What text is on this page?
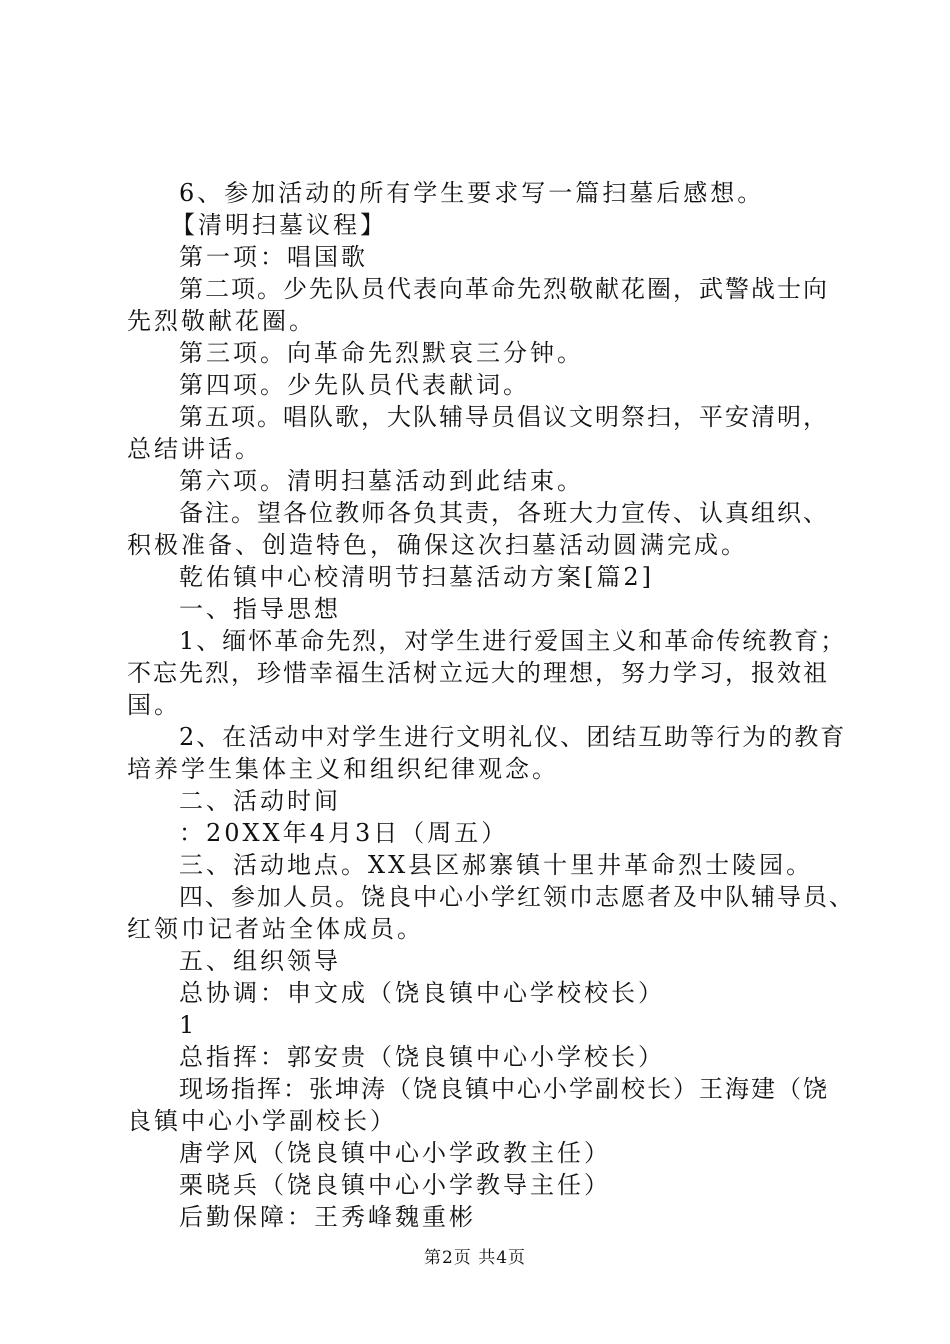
6、参加活动的所有学生要求写一篇扫墓后感想。
【清明扫墓议程】
第一项：唱国歌
第二项。少先队员代表向革命先烈敬献花圈，武警战士向
先烈敬献花圈。
第三项。向革命先烈默哀三分钟。
第四项。少先队员代表献词。
第五项。唱队歌，大队辅导员倡议文明祭扫，平安清明，
总结讲话。
第六项。清明扫墓活动到此结束。
备注。望各位教师各负其责，各班大力宣传、认真组织、
积极准备、创造特色，确保这次扫墓活动圆满完成。
乾佑镇中心校清明节扫墓活动方案[篇2]
一、指导思想
1、缅怀革命先烈，对学生进行爱国主义和革命传统教育；
不忘先烈，珍惜幸福生活树立远大的理想，努力学习，报效祖
国。
2、在活动中对学生进行文明礼仪、团结互助等行为的教育
培养学生集体主义和组织纪律观念。
二、活动时间
：20XX年4月3日（周五）
三、活动地点。XX县区郝寨镇十里井革命烈士陵园。
四、参加人员。饶良中心小学红领巾志愿者及中队辅导员、
红领巾记者站全体成员。
五、组织领导
总协调：申文成（饶良镇中心学校校长）
1
总指挥：郭安贵（饶良镇中心小学校长）
现场指挥：张坤涛（饶良镇中心小学副校长）王海建（饶
良镇中心小学副校长）
唐学风（饶良镇中心小学政教主任）
栗晓兵（饶良镇中心小学教导主任）
后勤保障：王秀峰魏重彬
第2页 共4页
